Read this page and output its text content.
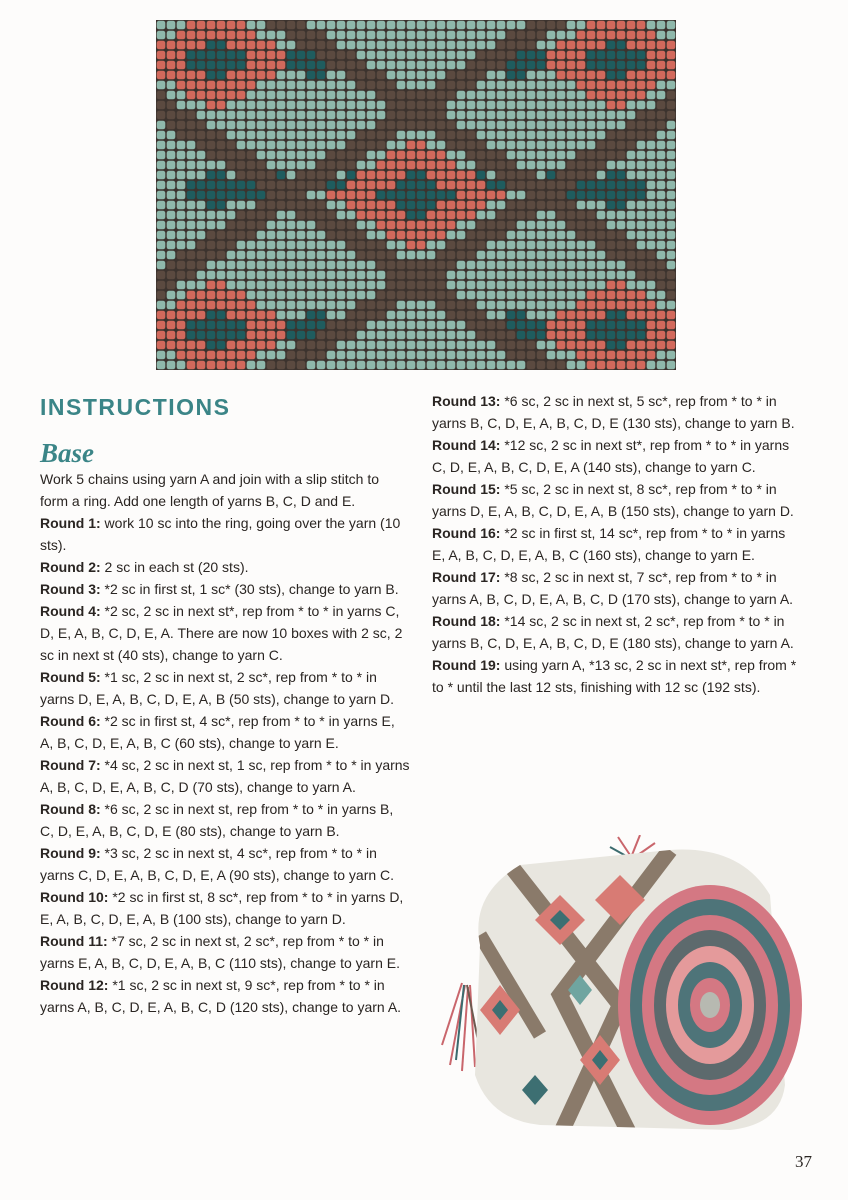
INSTRUCTIONS
Base

Work 5 chains using yarn A and join with a slip stitch to form a ring. Add one length of yarns B, C, D and E.

Round 1: work 10 sc into the ring, going over the yarn (10 sts).

Round 2: 2 sc in each st (20 sts).

Round 3: *2 sc in first st, 1 sc* (30 sts), change to yarn B.

Round 4: *2 sc, 2 sc in next st*, rep from * to * in yarns C, D, E, A, B, C, D, E, A. There are now 10 boxes with 2 sc, 2 sc in next st (40 sts), change to yarn C.

Round 5: *1 sc, 2 sc in next st, 2 sc*, rep from * to * in yarns D, E, A, B, C, D, E, A, B (50 sts), change to yarn D.

Round 6: *2 sc in first st, 4 sc*, rep from * to * in yarns E, A, B, C, D, E, A, B, C (60 sts), change to yarn E.

Round 7: *4 sc, 2 sc in next st, 1 sc, rep from * to * in yarns A, B, C, D, E, A, B, C, D (70 sts), change to yarn A.

Round 8: *6 sc, 2 sc in next st, rep from * to * in yarns B, C, D, E, A, B, C, D, E (80 sts), change to yarn B.

Round 9: *3 sc, 2 sc in next st, 4 sc*, rep from * to * in yarns C, D, E, A, B, C, D, E, A (90 sts), change to yarn C.

Round 10: *2 sc in first st, 8 sc*, rep from * to * in yarns D, E, A, B, C, D, E, A, B (100 sts), change to yarn D.

Round 11: *7 sc, 2 sc in next st, 2 sc*, rep from * to * in yarns E, A, B, C, D, E, A, B, C (110 sts), change to yarn E.

Round 12: *1 sc, 2 sc in next st, 9 sc*, rep from * to * in yarns A, B, C, D, E, A, B, C, D (120 sts), change to yarn A.

Round 13: *6 sc, 2 sc in next st, 5 sc*, rep from * to * in yarns B, C, D, E, A, B, C, D, E (130 sts), change to yarn B.

Round 14: *12 sc, 2 sc in next st*, rep from * to * in yarns C, D, E, A, B, C, D, E, A (140 sts), change to yarn C.

Round 15: *5 sc, 2 sc in next st, 8 sc*, rep from * to * in yarns D, E, A, B, C, D, E, A, B (150 sts), change to yarn D.

Round 16: *2 sc in first st, 14 sc*, rep from * to * in yarns E, A, B, C, D, E, A, B, C (160 sts), change to yarn E.

Round 17: *8 sc, 2 sc in next st, 7 sc*, rep from * to * in yarns A, B, C, D, E, A, B, C, D (170 sts), change to yarn A.

Round 18: *14 sc, 2 sc in next st, 2 sc*, rep from * to * in yarns B, C, D, E, A, B, C, D, E (180 sts), change to yarn A.

Round 19: using yarn A, *13 sc, 2 sc in next st*, rep from * to * until the last 12 sts, finishing with 12 sc (192 sts).

37
